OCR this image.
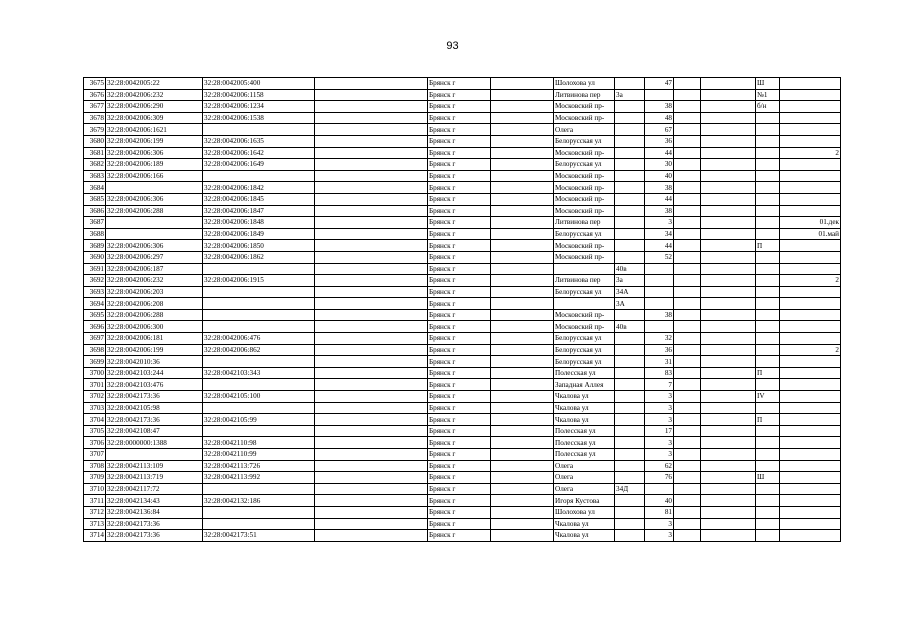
93
3675	32:28:0042005:22	32:28:0042005:400		Брянск г		Шолохова ул		47			Ш	
3676	32:28:0042006:232	32:28:0042006:1158		Брянск г		Литвинова пер	3а				№1	
3677	32:28:0042006:290	32:28:0042006:1234		Брянск г		Московский пр-		38			б/н	
3678	32:28:0042006:309	32:28:0042006:1538		Брянск г		Московский пр-		48				
3679	32:28:0042006:1621			Брянск г		Олега		67				
3680	32:28:0042006:199	32:28:0042006:1635		Брянск г		Белорусская ул		36				
3681	32:28:0042006:306	32:28:0042006:1642		Брянск г		Московский пр-		44				2
3682	32:28:0042006:189	32:28:0042006:1649		Брянск г		Белорусская ул		30				
3683	32:28:0042006:166			Брянск г		Московский пр-		40				
3684		32:28:0042006:1842		Брянск г		Московский пр-		38				
3685	32:28:0042006:306	32:28:0042006:1845		Брянск г		Московский пр-		44				
3686	32:28:0042006:288	32:28:0042006:1847		Брянск г		Московский пр-		38				
3687		32:28:0042006:1848		Брянск г		Литвинова пер		3				01.дек
3688		32:28:0042006:1849		Брянск г		Белорусская ул		34				01.май
3689	32:28:0042006:306	32:28:0042006:1850		Брянск г		Московский пр-		44			П	
3690	32:28:0042006:297	32:28:0042006:1862		Брянск г		Московский пр-		52				
3691	32:28:0042006:187			Брянск г			40в					
3692	32:28:0042006:232	32:28:0042006:1915		Брянск г		Литвинова пер	3а					2
3693	32:28:0042006:203			Брянск г		Белорусская ул	34А					
3694	32:28:0042006:208			Брянск г			3А					
3695	32:28:0042006:288			Брянск г		Московский пр-		38				
3696	32:28:0042006:300			Брянск г		Московский пр-	40в					
3697	32:28:0042006:181	32:28:0042006:476		Брянск г		Белорусская ул		32				
3698	32:28:0042006:199	32:28:0042006:862		Брянск г		Белорусская ул		36				2
3699	32:28:0042010:36			Брянск г		Белорусская ул		31				
3700	32:28:0042103:244	32:28:0042103:343		Брянск г		Полесская ул		83			П	
3701	32:28:0042103:476			Брянск г		Западная Аллея		7				
3702	32:28:0042173:36	32:28:0042105:100		Брянск г		Чкалова ул		3			IV	
3703	32:28:0042105:98			Брянск г		Чкалова ул		3				
3704	32:28:0042173:36	32:28:0042105:99		Брянск г		Чкалова ул		3			П	
3705	32:28:0042108:47			Брянск г		Полесская ул		17				
3706	32:28:0000000:1388	32:28:0042110:98		Брянск г		Полесская ул		3				
3707		32:28:0042110:99		Брянск г		Полесская ул		3				
3708	32:28:0042113:109	32:28:0042113:726		Брянск г		Олега		62				
3709	32:28:0042113:719	32:28:0042113:992		Брянск г		Олега		76			Ш	
3710	32:28:0042117:72			Брянск г		Олега	34Д					
3711	32:28:0042134:43	32:28:0042132:186		Брянск г		Игоря Кустова		40				
3712	32:28:0042136:84			Брянск г		Шолохова ул		81				
3713	32:28:0042173:36			Брянск г		Чкалова ул		3				
3714	32:28:0042173:36	32:28:0042173:51		Брянск г		Чкалова ул		3				
